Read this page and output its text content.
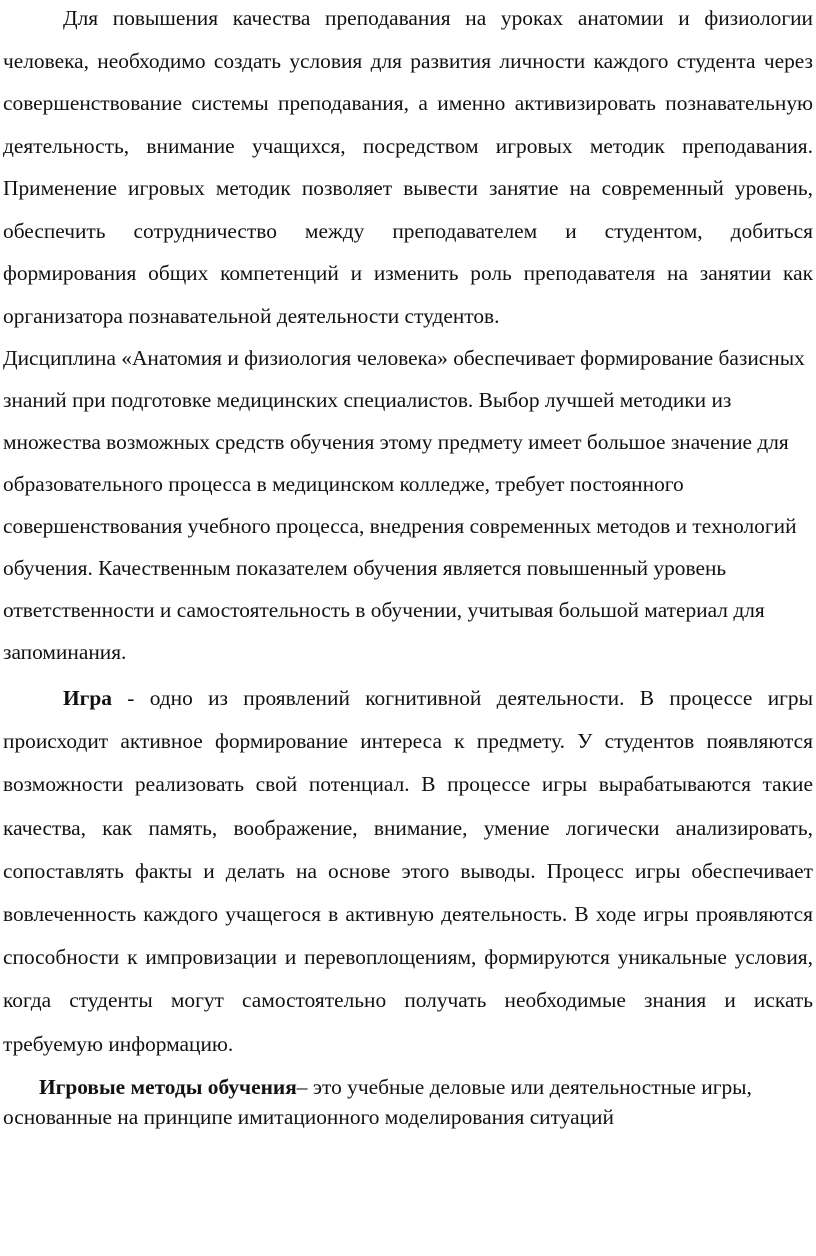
Для повышения качества преподавания на уроках анатомии и физиологии человека, необходимо создать условия для развития личности каждого студента через совершенствование системы преподавания, а именно активизировать познавательную деятельность, внимание учащихся, посредством игровых методик преподавания. Применение игровых методик позволяет вывести занятие на современный уровень, обеспечить сотрудничество между преподавателем и студентом, добиться формирования общих компетенций и изменить роль преподавателя на занятии как организатора познавательной деятельности студентов.

Дисциплина «Анатомия и физиология человека» обеспечивает формирование базисных знаний при подготовке медицинских специалистов. Выбор лучшей методики из множества возможных средств обучения этому предмету имеет большое значение для образовательного процесса в медицинском колледже, требует постоянного совершенствования учебного процесса, внедрения современных методов и технологий обучения. Качественным показателем обучения является повышенный уровень ответственности и самостоятельность в обучении, учитывая большой материал для запоминания.

Игра - одно из проявлений когнитивной деятельности. В процессе игры происходит активное формирование интереса к предмету. У студентов появляются возможности реализовать свой потенциал. В процессе игры вырабатываются такие качества, как память, воображение, внимание, умение логически анализировать, сопоставлять факты и делать на основе этого выводы. Процесс игры обеспечивает вовлеченность каждого учащегося в активную деятельность. В ходе игры проявляются способности к импровизации и перевоплощениям, формируются уникальные условия, когда студенты могут самостоятельно получать необходимые знания и искать требуемую информацию.

Игровые методы обучения– это учебные деловые или деятельностные игры, основанные на принципе имитационного моделирования ситуаций
